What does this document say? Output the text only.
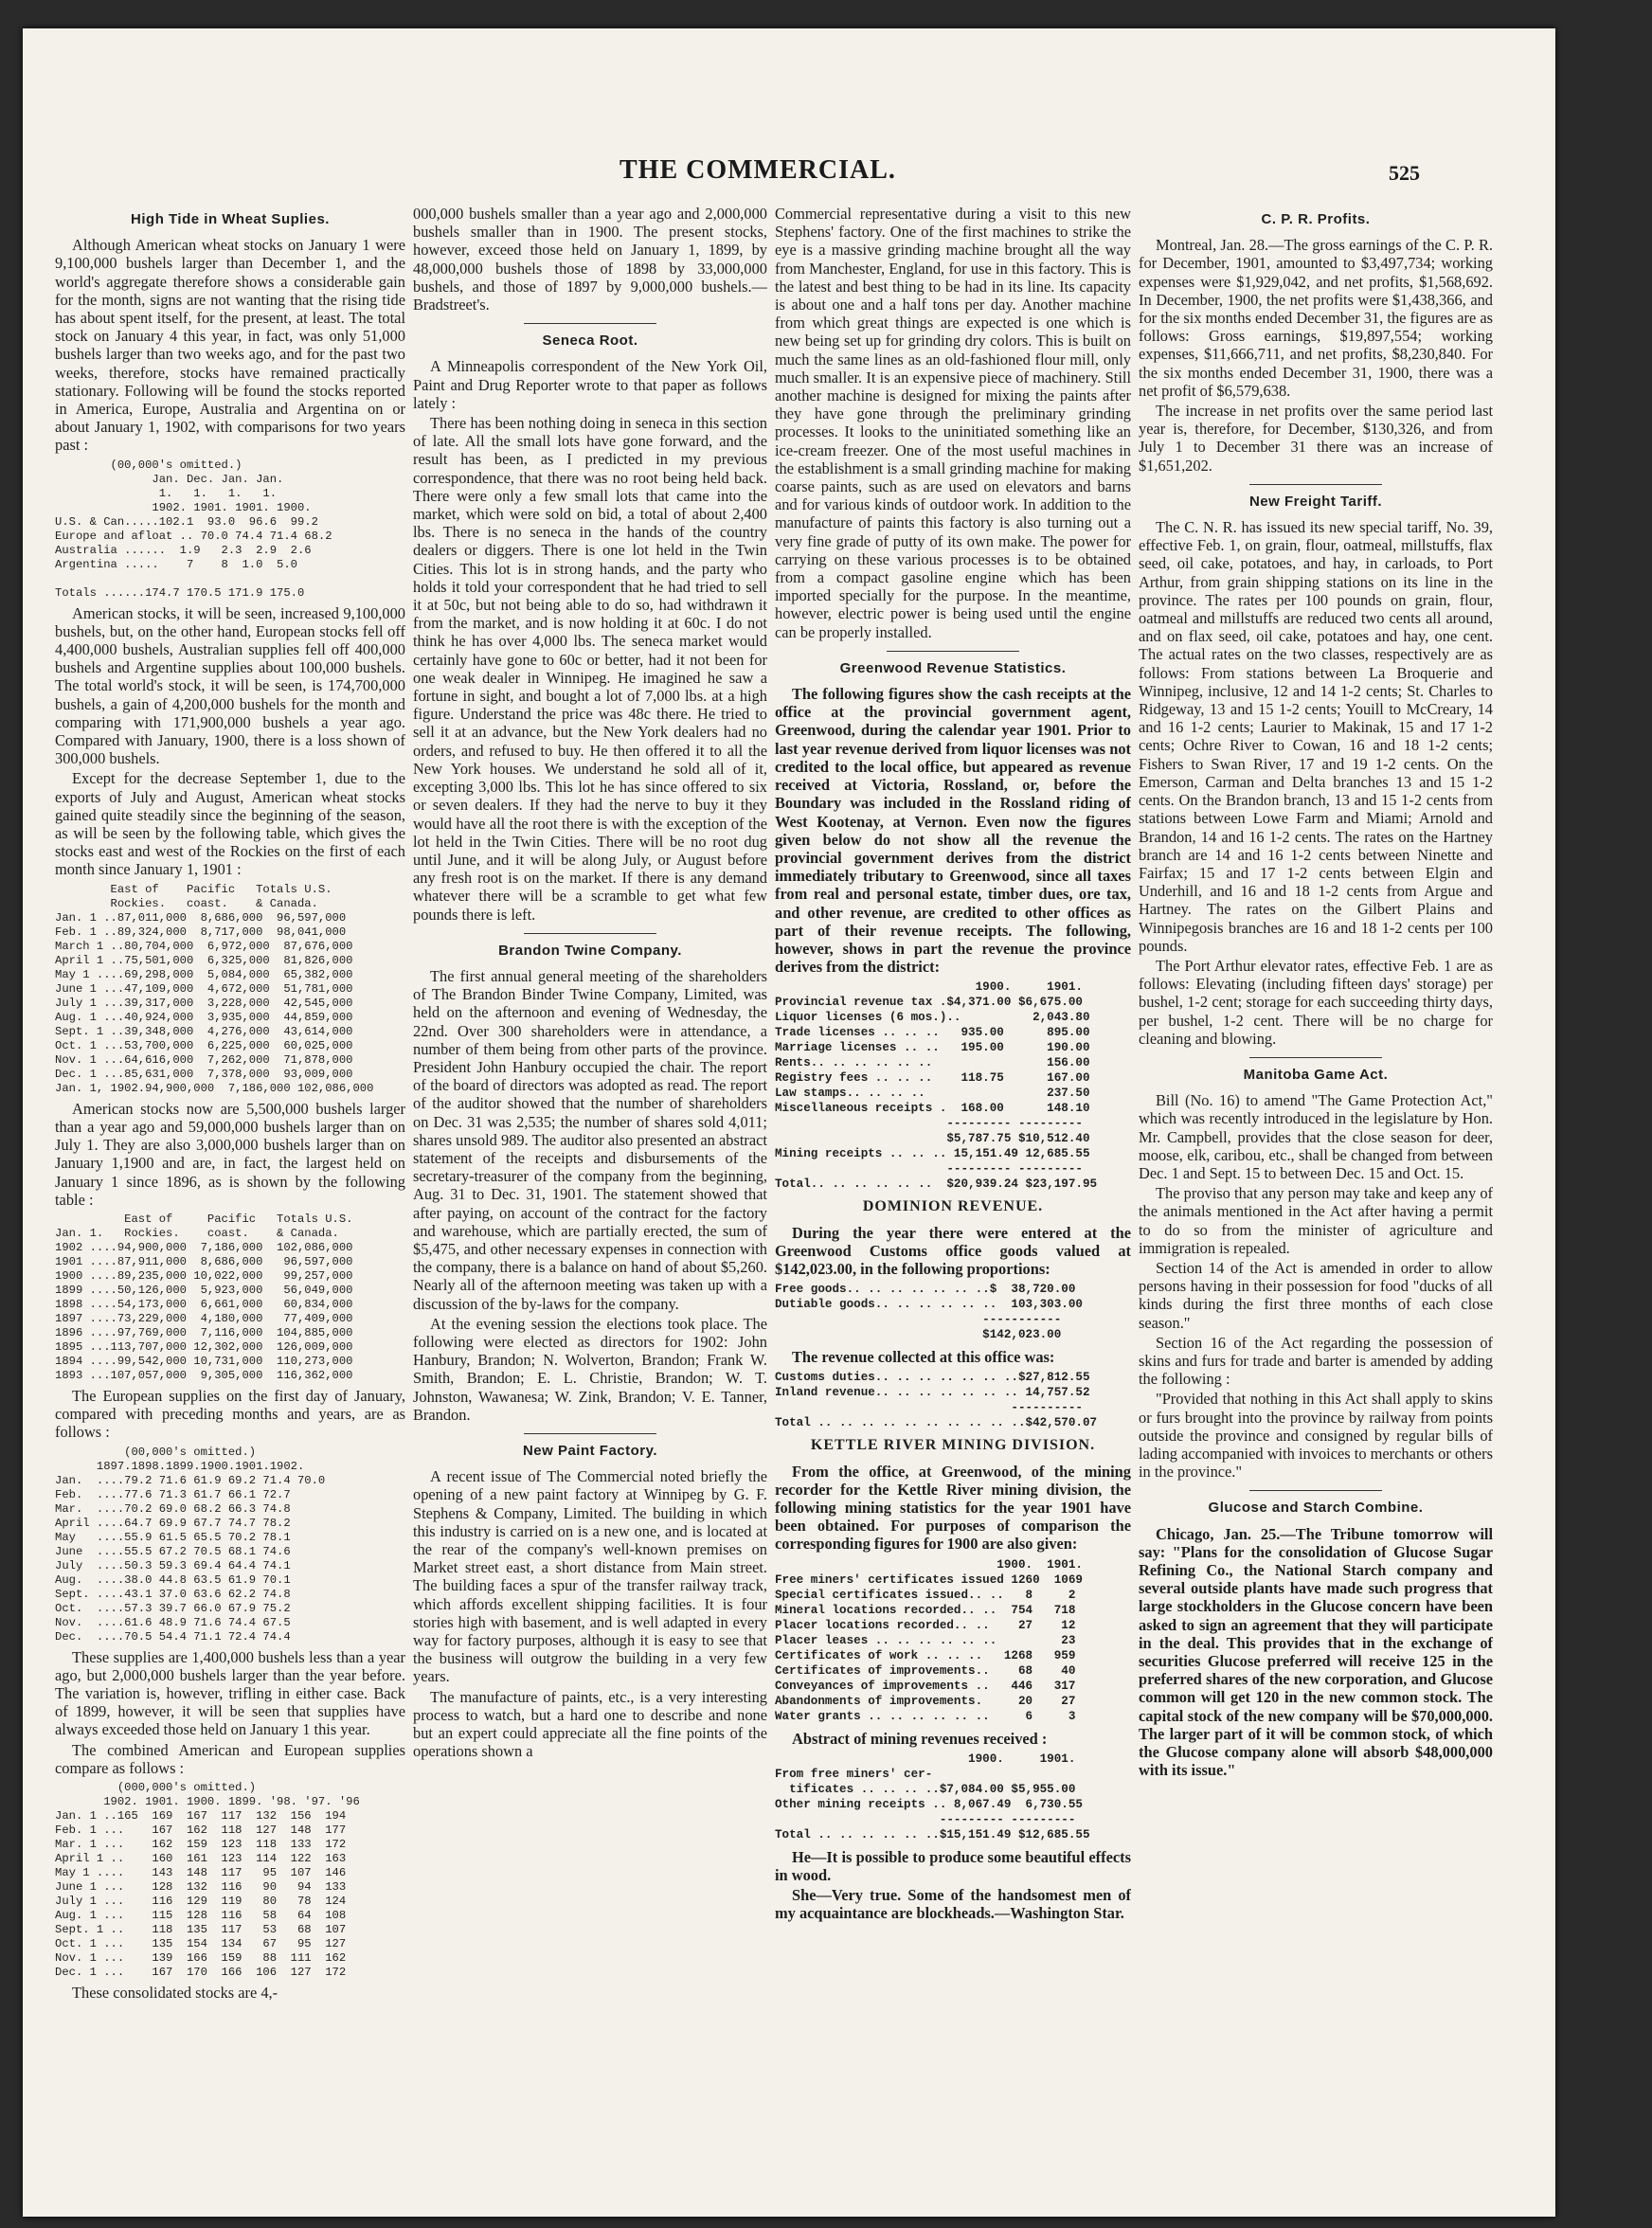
THE COMMERCIAL.	525
High Tide in Wheat Suplies.

Although American wheat stocks on January 1 were 9,100,000 bushels larger than December 1, and the world's aggregate therefore shows a considerable gain for the month, signs are not wanting that the rising tide has about spent itself, for the present, at least. The total stock on January 4 this year, in fact, was only 51,000 bushels larger than two weeks ago, and for the past two weeks, therefore, stocks have remained practically stationary. Following will be found the stocks reported in America, Europe, Australia and Argentina on or about January 1, 1902, with comparisons for two years past :

(00,000's omitted.)
Jan. Dec. Jan. Jan.
1.   1.   1.   1.
1902. 1901. 1901. 1900.
U.S. & Can.....102.1  93.0  96.6  99.2
Europe and afloat .. 70.0 74.4 71.4 68.2
Australia ......  1.9   2.3  2.9  2.6
Argentina .....    7    8  1.0  5.0

Totals ......174.7 170.5 171.9 175.0

American stocks, it will be seen, increased 9,100,000 bushels, but, on the other hand, European stocks fell off 4,400,000 bushels, Australian supplies fell off 400,000 bushels and Argentine supplies about 100,000 bushels. The total world's stock, it will be seen, is 174,700,000 bushels, a gain of 4,200,000 bushels for the month and comparing with 171,900,000 bushels a year ago. Compared with January, 1900, there is a loss shown of 300,000 bushels.

Except for the decrease September 1, due to the exports of July and August, American wheat stocks gained quite steadily since the beginning of the season, as will be seen by the following table, which gives the stocks east and west of the Rockies on the first of each month since January 1, 1901 :

East of    Pacific   Totals U.S.
Rockies.   coast.    & Canada.
Jan. 1 ..87,011,000  8,686,000  96,597,000
Feb. 1 ..89,324,000  8,717,000  98,041,000
March 1 ..80,704,000  6,972,000  87,676,000
April 1 ..75,501,000  6,325,000  81,826,000
May 1 ....69,298,000  5,084,000  65,382,000
June 1 ...47,109,000  4,672,000  51,781,000
July 1 ...39,317,000  3,228,000  42,545,000
Aug. 1 ...40,924,000  3,935,000  44,859,000
Sept. 1 ..39,348,000  4,276,000  43,614,000
Oct. 1 ...53,700,000  6,225,000  60,025,000
Nov. 1 ...64,616,000  7,262,000  71,878,000
Dec. 1 ...85,631,000  7,378,000  93,009,000
Jan. 1, 1902.94,900,000  7,186,000 102,086,000

American stocks now are 5,500,000 bushels larger than a year ago and 59,000,000 bushels larger than on July 1. They are also 3,000,000 bushels larger than on January 1,1900 and are, in fact, the largest held on January 1 since 1896, as is shown by the following table :

East of     Pacific   Totals U.S.
Jan. 1.   Rockies.    coast.    & Canada.
1902 ....94,900,000  7,186,000  102,086,000
1901 ....87,911,000  8,686,000   96,597,000
1900 ....89,235,000 10,022,000   99,257,000
1899 ....50,126,000  5,923,000   56,049,000
1898 ....54,173,000  6,661,000   60,834,000
1897 ....73,229,000  4,180,000   77,409,000
1896 ....97,769,000  7,116,000  104,885,000
1895 ...113,707,000 12,302,000  126,009,000
1894 ....99,542,000 10,731,000  110,273,000
1893 ...107,057,000  9,305,000  116,362,000

The European supplies on the first day of January, compared with preceding months and years, are as follows :

(00,000's omitted.)
1897.1898.1899.1900.1901.1902.
Jan.  ....79.2 71.6 61.9 69.2 71.4 70.0
Feb.  ....77.6 71.3 61.7 66.1 72.7
Mar.  ....70.2 69.0 68.2 66.3 74.8
April ....64.7 69.9 67.7 74.7 78.2
May   ....55.9 61.5 65.5 70.2 78.1
June  ....55.5 67.2 70.5 68.1 74.6
July  ....50.3 59.3 69.4 64.4 74.1
Aug.  ....38.0 44.8 63.5 61.9 70.1
Sept. ....43.1 37.0 63.6 62.2 74.8
Oct.  ....57.3 39.7 66.0 67.9 75.2
Nov.  ....61.6 48.9 71.6 74.4 67.5
Dec.  ....70.5 54.4 71.1 72.4 74.4

These supplies are 1,400,000 bushels less than a year ago, but 2,000,000 bushels larger than the year before. The variation is, however, trifling in either case. Back of 1899, however, it will be seen that supplies have always exceeded those held on January 1 this year.

The combined American and European supplies compare as follows :

(000,000's omitted.)
1902. 1901. 1900. 1899. '98. '97. '96
Jan. 1 ..165  169  167  117  132  156  194
Feb. 1 ...    167  162  118  127  148  177
Mar. 1 ...    162  159  123  118  133  172
April 1 ..    160  161  123  114  122  163
May 1 ....    143  148  117   95  107  146
June 1 ...    128  132  116   90   94  133
July 1 ...    116  129  119   80   78  124
Aug. 1 ...    115  128  116   58   64  108
Sept. 1 ..    118  135  117   53   68  107
Oct. 1 ...    135  154  134   67   95  127
Nov. 1 ...    139  166  159   88  111  162
Dec. 1 ...    167  170  166  106  127  172

These consolidated stocks are 4,-

000,000 bushels smaller than a year ago and 2,000,000 bushels smaller than in 1900. The present stocks, however, exceed those held on January 1, 1899, by 48,000,000 bushels those of 1898 by 33,000,000 bushels, and those of 1897 by 9,000,000 bushels.—Bradstreet's.

Seneca Root.

A Minneapolis correspondent of the New York Oil, Paint and Drug Reporter wrote to that paper as follows lately :

There has been nothing doing in seneca in this section of late. All the small lots have gone forward, and the result has been, as I predicted in my previous correspondence, that there was no root being held back. There were only a few small lots that came into the market, which were sold on bid, a total of about 2,400 lbs. There is no seneca in the hands of the country dealers or diggers. There is one lot held in the Twin Cities. This lot is in strong hands, and the party who holds it told your correspondent that he had tried to sell it at 50c, but not being able to do so, had withdrawn it from the market, and is now holding it at 60c. I do not think he has over 4,000 lbs. The seneca market would certainly have gone to 60c or better, had it not been for one weak dealer in Winnipeg. He imagined he saw a fortune in sight, and bought a lot of 7,000 lbs. at a high figure. Understand the price was 48c there. He tried to sell it at an advance, but the New York dealers had no orders, and refused to buy. He then offered it to all the New York houses. We understand he sold all of it, excepting 3,000 lbs. This lot he has since offered to six or seven dealers. If they had the nerve to buy it they would have all the root there is with the exception of the lot held in the Twin Cities. There will be no root dug until June, and it will be along July, or August before any fresh root is on the market. If there is any demand whatever there will be a scramble to get what few pounds there is left.

Brandon Twine Company.

The first annual general meeting of the shareholders of The Brandon Binder Twine Company, Limited, was held on the afternoon and evening of Wednesday, the 22nd. Over 300 shareholders were in attendance, a number of them being from other parts of the province. President John Hanbury occupied the chair. The report of the board of directors was adopted as read. The report of the auditor showed that the number of shareholders on Dec. 31 was 2,535; the number of shares sold 4,011; shares unsold 989. The auditor also presented an abstract statement of the receipts and disbursements of the secretary-treasurer of the company from the beginning, Aug. 31 to Dec. 31, 1901. The statement showed that after paying, on account of the contract for the factory and warehouse, which are partially erected, the sum of $5,475, and other necessary expenses in connection with the company, there is a balance on hand of about $5,260. Nearly all of the afternoon meeting was taken up with a discussion of the by-laws for the company.

At the evening session the elections took place. The following were elected as directors for 1902: John Hanbury, Brandon; N. Wolverton, Brandon; Frank W. Smith, Brandon; E. L. Christie, Brandon; W. T. Johnston, Wawanesa; W. Zink, Brandon; V. E. Tanner, Brandon.

New Paint Factory.

A recent issue of The Commercial noted briefly the opening of a new paint factory at Winnipeg by G. F. Stephens & Company, Limited. The building in which this industry is carried on is a new one, and is located at the rear of the company's well-known premises on Market street east, a short distance from Main street. The building faces a spur of the transfer railway track, which affords excellent shipping facilities. It is four stories high with basement, and is well adapted in every way for factory purposes, although it is easy to see that the business will outgrow the building in a very few years.

The manufacture of paints, etc., is a very interesting process to watch, but a hard one to describe and none but an expert could appreciate all the fine points of the operations shown a

Commercial representative during a visit to this new Stephens' factory. One of the first machines to strike the eye is a massive grinding machine brought all the way from Manchester, England, for use in this factory. This is the latest and best thing to be had in its line. Its capacity is about one and a half tons per day. Another machine from which great things are expected is one which is new being set up for grinding dry colors. This is built on much the same lines as an old-fashioned flour mill, only much smaller. It is an expensive piece of machinery. Still another machine is designed for mixing the paints after they have gone through the preliminary grinding processes. It looks to the uninitiated something like an ice-cream freezer. One of the most useful machines in the establishment is a small grinding machine for making coarse paints, such as are used on elevators and barns and for various kinds of outdoor work. In addition to the manufacture of paints this factory is also turning out a very fine grade of putty of its own make. The power for carrying on these various processes is to be obtained from a compact gasoline engine which has been imported specially for the purpose. In the meantime, however, electric power is being used until the engine can be properly installed.

Greenwood Revenue Statistics.

The following figures show the cash receipts at the office at the provincial government agent, Greenwood, during the calendar year 1901. Prior to last year revenue derived from liquor licenses was not credited to the local office, but appeared as revenue received at Victoria, Rossland, or, before the Boundary was included in the Rossland riding of West Kootenay, at Vernon. Even now the figures given below do not show all the revenue the provincial government derives from the district immediately tributary to Greenwood, since all taxes from real and personal estate, timber dues, ore tax, and other revenue, are credited to other offices as part of their revenue receipts. The following, however, shows in part the revenue the province derives from the district:

1900.     1901.
Provincial revenue tax .$4,371.00 $6,675.00
Liquor licenses (6 mos.)..          2,043.80
Trade licenses .. .. ..   935.00      895.00
Marriage licenses .. ..   195.00      190.00
Rents.. .. .. .. .. ..                156.00
Registry fees .. .. ..    118.75      167.00
Law stamps.. .. .. ..                 237.50
Miscellaneous receipts .  168.00      148.10
--------- ---------
$5,787.75 $10,512.40
Mining receipts .. .. .. 15,151.49 12,685.55
--------- ---------
Total.. .. .. .. .. ..  $20,939.24 $23,197.95
DOMINION REVENUE.

During the year there were entered at the Greenwood Customs office goods valued at $142,023.00, in the following proportions:

Free goods.. .. .. .. .. .. ..$  38,720.00
Dutiable goods.. .. .. .. .. ..  103,303.00
-----------
$142,023.00

The revenue collected at this office was:

Customs duties.. .. .. .. .. .. ..$27,812.55
Inland revenue.. .. .. .. .. .. .. 14,757.52
----------
Total .. .. .. .. .. .. .. .. .. ..$42,570.07
KETTLE RIVER MINING DIVISION.

From the office, at Greenwood, of the mining recorder for the Kettle River mining division, the following mining statistics for the year 1901 have been obtained. For purposes of comparison the corresponding figures for 1900 are also given:

1900.  1901.
Free miners' certificates issued 1260  1069
Special certificates issued.. ..   8     2
Mineral locations recorded.. ..  754   718
Placer locations recorded.. ..    27    12
Placer leases .. .. .. .. .. ..         23
Certificates of work .. .. ..   1268   959
Certificates of improvements..    68    40
Conveyances of improvements ..   446   317
Abandonments of improvements.     20    27
Water grants .. .. .. .. .. ..     6     3

Abstract of mining revenues received :

1900.     1901.
From free miners' cer-
tificates .. .. .. ..$7,084.00 $5,955.00
Other mining receipts .. 8,067.49  6,730.55
--------- ---------
Total .. .. .. .. .. ..$15,151.49 $12,685.55

He—It is possible to produce some beautiful effects in wood.

She—Very true. Some of the handsomest men of my acquaintance are blockheads.—Washington Star.

C. P. R. Profits.

Montreal, Jan. 28.—The gross earnings of the C. P. R. for December, 1901, amounted to $3,497,734; working expenses were $1,929,042, and net profits, $1,568,692. In December, 1900, the net profits were $1,438,366, and for the six months ended December 31, the figures are as follows: Gross earnings, $19,897,554; working expenses, $11,666,711, and net profits, $8,230,840. For the six months ended December 31, 1900, there was a net profit of $6,579,638.

The increase in net profits over the same period last year is, therefore, for December, $130,326, and from July 1 to December 31 there was an increase of $1,651,202.

New Freight Tariff.

The C. N. R. has issued its new special tariff, No. 39, effective Feb. 1, on grain, flour, oatmeal, millstuffs, flax seed, oil cake, potatoes, and hay, in carloads, to Port Arthur, from grain shipping stations on its line in the province. The rates per 100 pounds on grain, flour, oatmeal and millstuffs are reduced two cents all around, and on flax seed, oil cake, potatoes and hay, one cent. The actual rates on the two classes, respectively are as follows: From stations between La Broquerie and Winnipeg, inclusive, 12 and 14 1-2 cents; St. Charles to Ridgeway, 13 and 15 1-2 cents; Youill to McCreary, 14 and 16 1-2 cents; Laurier to Makinak, 15 and 17 1-2 cents; Ochre River to Cowan, 16 and 18 1-2 cents; Fishers to Swan River, 17 and 19 1-2 cents. On the Emerson, Carman and Delta branches 13 and 15 1-2 cents. On the Brandon branch, 13 and 15 1-2 cents from stations between Lowe Farm and Miami; Arnold and Brandon, 14 and 16 1-2 cents. The rates on the Hartney branch are 14 and 16 1-2 cents between Ninette and Fairfax; 15 and 17 1-2 cents between Elgin and Underhill, and 16 and 18 1-2 cents from Argue and Hartney. The rates on the Gilbert Plains and Winnipegosis branches are 16 and 18 1-2 cents per 100 pounds.

The Port Arthur elevator rates, effective Feb. 1 are as follows: Elevating (including fifteen days' storage) per bushel, 1-2 cent; storage for each succeeding thirty days, per bushel, 1-2 cent. There will be no charge for cleaning and blowing.

Manitoba Game Act.

Bill (No. 16) to amend "The Game Protection Act," which was recently introduced in the legislature by Hon. Mr. Campbell, provides that the close season for deer, moose, elk, caribou, etc., shall be changed from between Dec. 1 and Sept. 15 to between Dec. 15 and Oct. 15.

The proviso that any person may take and keep any of the animals mentioned in the Act after having a permit to do so from the minister of agriculture and immigration is repealed.

Section 14 of the Act is amended in order to allow persons having in their possession for food "ducks of all kinds during the first three months of each close season."

Section 16 of the Act regarding the possession of skins and furs for trade and barter is amended by adding the following :

"Provided that nothing in this Act shall apply to skins or furs brought into the province by railway from points outside the province and consigned by regular bills of lading accompanied with invoices to merchants or others in the province."

Glucose and Starch Combine.

Chicago, Jan. 25.—The Tribune tomorrow will say: "Plans for the consolidation of Glucose Sugar Refining Co., the National Starch company and several outside plants have made such progress that large stockholders in the Glucose concern have been asked to sign an agreement that they will participate in the deal. This provides that in the exchange of securities Glucose preferred will receive 125 in the preferred shares of the new corporation, and Glucose common will get 120 in the new common stock. The capital stock of the new company will be $70,000,000. The larger part of it will be common stock, of which the Glucose company alone will absorb $48,000,000 with its issue."
